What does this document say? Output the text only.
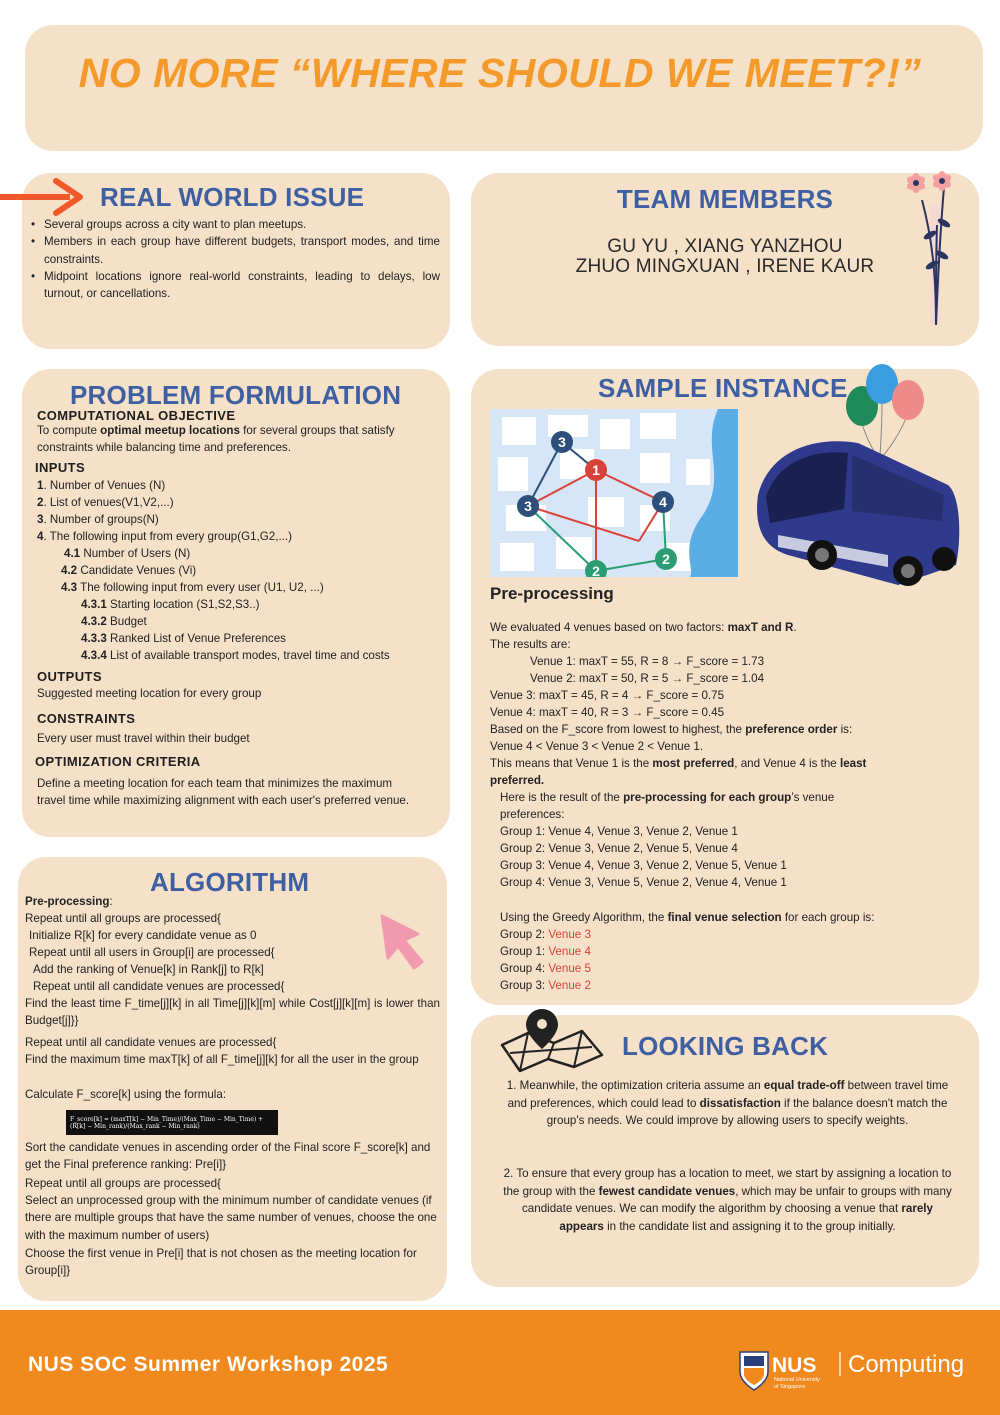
NO MORE “WHERE SHOULD WE MEET?!”
REAL WORLD ISSUE
• Several groups across a city want to plan meetups.
• Members in each group have different budgets, transport modes, and time constraints.
• Midpoint locations ignore real-world constraints, leading to delays, low turnout, or cancellations.
TEAM MEMBERS
GU YU , XIANG YANZHOU
ZHUO MINGXUAN , IRENE KAUR
PROBLEM FORMULATION
COMPUTATIONAL OBJECTIVE
To compute optimal meetup locations for several groups that satisfy
constraints while balancing time and preferences.
INPUTS
1. Number of Venues (N)
2. List of venues(V1,V2,...)
3. Number of groups(N)
4. The following input from every group(G1,G2,...)
4.1 Number of Users (N)
4.2 Candidate Venues (Vi)
4.3 The following input from every user (U1, U2, ...)
4.3.1 Starting location (S1,S2,S3..)
4.3.2 Budget
4.3.3 Ranked List of Venue Preferences
4.3.4 List of available transport modes, travel time and costs
OUTPUTS
Suggested meeting location for every group
CONSTRAINTS
Every user must travel within their budget
OPTIMIZATION CRITERIA
Define a meeting location for each team that minimizes the maximum
travel time while maximizing alignment with each user's preferred venue.
SAMPLE INSTANCE
3
1
3	4
2
2
Pre-processing
We evaluated 4 venues based on two factors: maxT and R.
The results are:
Venue 1: maxT = 55, R = 8 → F_score = 1.73
Venue 2: maxT = 50, R = 5 → F_score = 1.04
Venue 3: maxT = 45, R = 4 → F_score = 0.75
Venue 4: maxT = 40, R = 3 → F_score = 0.45
Based on the F_score from lowest to highest, the preference order is:
Venue 4 < Venue 3 < Venue 2 < Venue 1.
This means that Venue 1 is the most preferred, and Venue 4 is the least
preferred.
Here is the result of the pre-processing for each group’s venue
preferences:
Group 1: Venue 4, Venue 3, Venue 2, Venue 1
Group 2: Venue 3, Venue 2, Venue 5, Venue 4
Group 3: Venue 4, Venue 3, Venue 2, Venue 5, Venue 1
Group 4: Venue 3, Venue 5, Venue 2, Venue 4, Venue 1
Using the Greedy Algorithm, the final venue selection for each group is:
Group 2: Venue 3
Group 1: Venue 4
Group 4: Venue 5
Group 3: Venue 2
ALGORITHM
Pre-processing:
Repeat until all groups are processed{
Initialize R[k] for every candidate venue as 0
Repeat until all users in Group[i] are processed{
Add the ranking of Venue[k] in Rank[j] to R[k]
Repeat until all candidate venues are processed{
Find the least time F_time[j][k] in all Time[j][k][m] while Cost[j][k][m] is lower than Budget[j]}}
Repeat until all candidate venues are processed{
Find the maximum time maxT[k] of all F_time[j][k] for all the user in the group
Calculate F_score[k] using the formula:
F_score[k] = (maxT[k] − Min_Time)/(Max_Time − Min_Time) + (R[k] − Min_rank)/(Max_rank − Min_rank)
Sort the candidate venues in ascending order of the Final score F_score[k] and get the Final preference ranking: Pre[i]}
Repeat until all groups are processed{
Select an unprocessed group with the minimum number of candidate venues (if there are multiple groups that have the same number of venues, choose the one with the maximum number of users)
Choose the first venue in Pre[i] that is not chosen as the meeting location for Group[i]}
LOOKING BACK
1. Meanwhile, the optimization criteria assume an equal trade-off between travel time and preferences, which could lead to dissatisfaction if the balance doesn't match the group's needs. We could improve by allowing users to specify weights.
2. To ensure that every group has a location to meet, we start by assigning a location to the group with the fewest candidate venues, which may be unfair to groups with many candidate venues. We can modify the algorithm by choosing a venue that rarely appears in the candidate list and assigning it to the group initially.
NUS SOC Summer Workshop 2025	NUS
National University
of Singapore
Computing
